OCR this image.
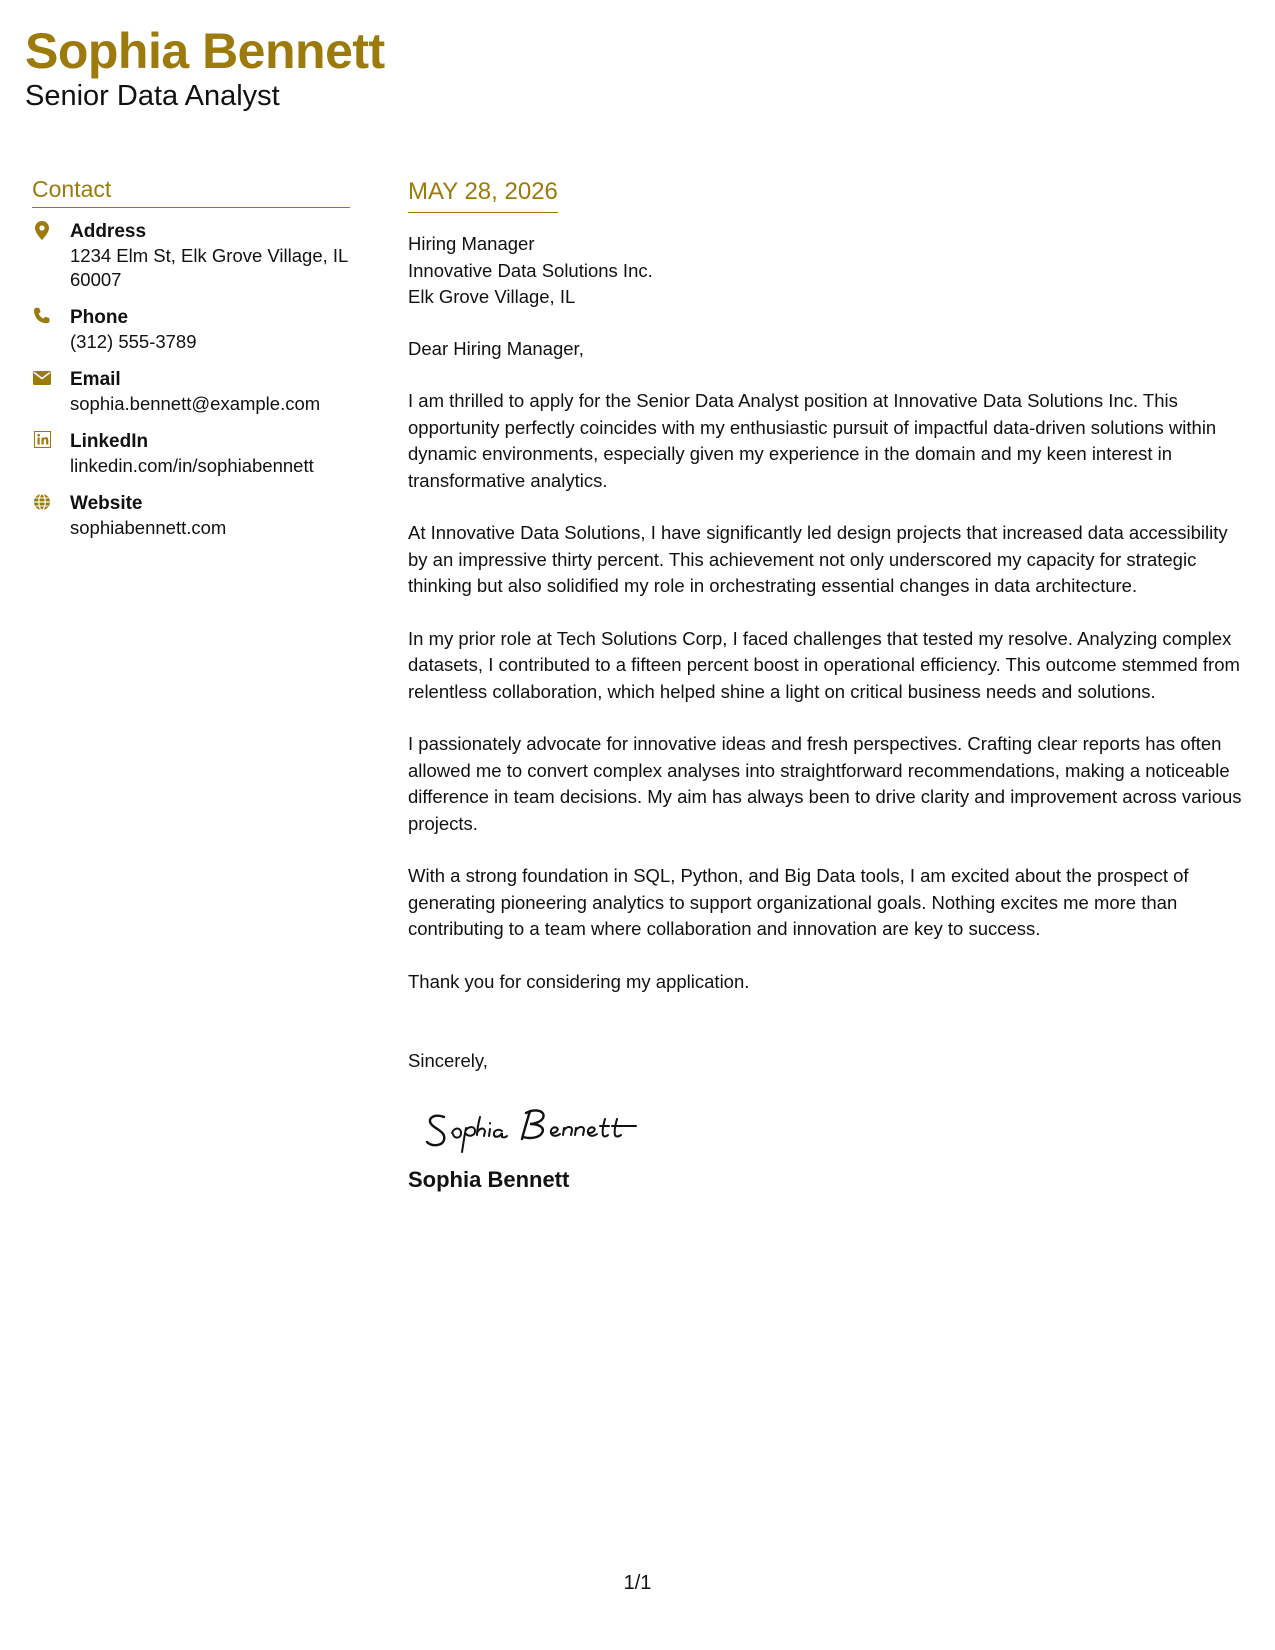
Sophia Bennett
Senior Data Analyst
Contact
Address
1234 Elm St, Elk Grove Village, IL 60007
Phone
(312) 555-3789
Email
sophia.bennett@example.com
LinkedIn
linkedin.com/in/sophiabennett
Website
sophiabennett.com
MAY 28, 2026
Hiring Manager
Innovative Data Solutions Inc.
Elk Grove Village, IL
Dear Hiring Manager,

I am thrilled to apply for the Senior Data Analyst position at Innovative Data Solutions Inc. This opportunity perfectly coincides with my enthusiastic pursuit of impactful data-driven solutions within dynamic environments, especially given my experience in the domain and my keen interest in transformative analytics.

At Innovative Data Solutions, I have significantly led design projects that increased data accessibility by an impressive thirty percent. This achievement not only underscored my capacity for strategic thinking but also solidified my role in orchestrating essential changes in data architecture.

In my prior role at Tech Solutions Corp, I faced challenges that tested my resolve. Analyzing complex datasets, I contributed to a fifteen percent boost in operational efficiency. This outcome stemmed from relentless collaboration, which helped shine a light on critical business needs and solutions.

I passionately advocate for innovative ideas and fresh perspectives. Crafting clear reports has often allowed me to convert complex analyses into straightforward recommendations, making a noticeable difference in team decisions. My aim has always been to drive clarity and improvement across various projects.

With a strong foundation in SQL, Python, and Big Data tools, I am excited about the prospect of generating pioneering analytics to support organizational goals. Nothing excites me more than contributing to a team where collaboration and innovation are key to success.

Thank you for considering my application.
Sincerely,
Sophia Bennett
1/1
